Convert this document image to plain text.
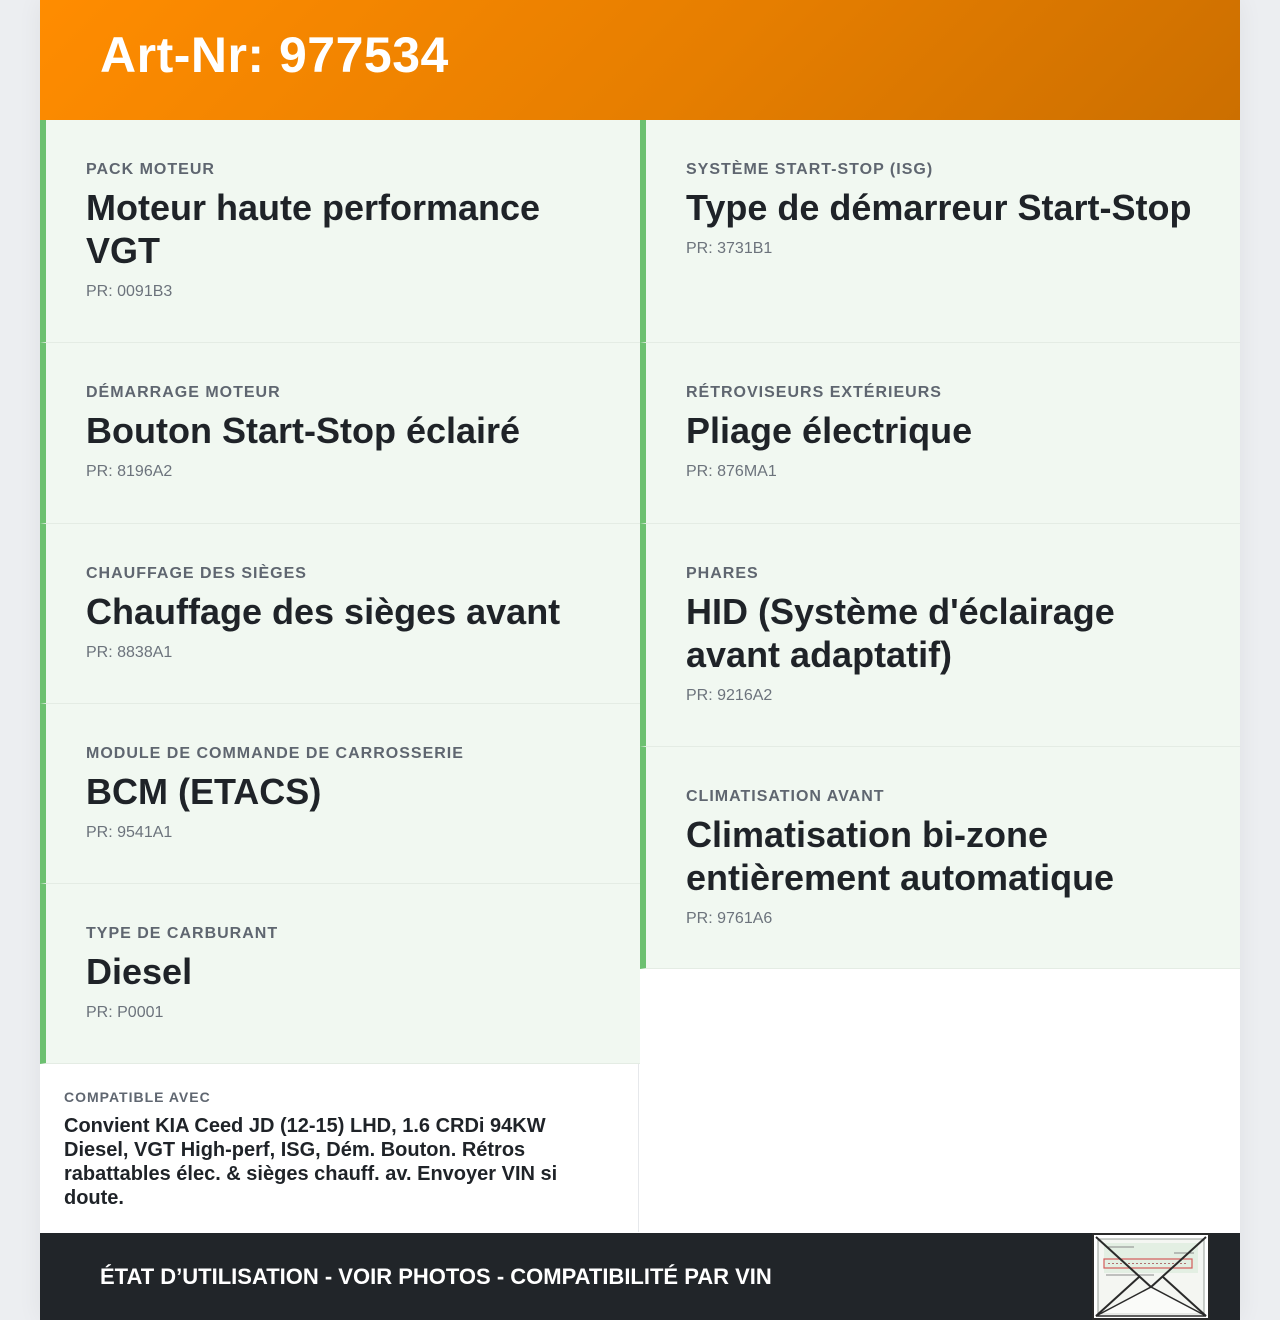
Art-Nr: 977534
PACK MOTEUR
Moteur haute performance VGT
PR: 0091B3
DÉMARRAGE MOTEUR
Bouton Start-Stop éclairé
PR: 8196A2
CHAUFFAGE DES SIÈGES
Chauffage des sièges avant
PR: 8838A1
MODULE DE COMMANDE DE CARROSSERIE
BCM (ETACS)
PR: 9541A1
TYPE DE CARBURANT
Diesel
PR: P0001
SYSTÈME START-STOP (ISG)
Type de démarreur Start-Stop
PR: 3731B1
RÉTROVISEURS EXTÉRIEURS
Pliage électrique
PR: 876MA1
PHARES
HID (Système d'éclairage avant adaptatif)
PR: 9216A2
CLIMATISATION AVANT
Climatisation bi-zone entièrement automatique
PR: 9761A6
COMPATIBLE AVEC
Convient KIA Ceed JD (12-15) LHD, 1.6 CRDi 94KW Diesel, VGT High-perf, ISG, Dém. Bouton. Rétros rabattables élec. & sièges chauff. av. Envoyer VIN si doute.
ÉTAT D’UTILISATION - VOIR PHOTOS - COMPATIBILITÉ PAR VIN
